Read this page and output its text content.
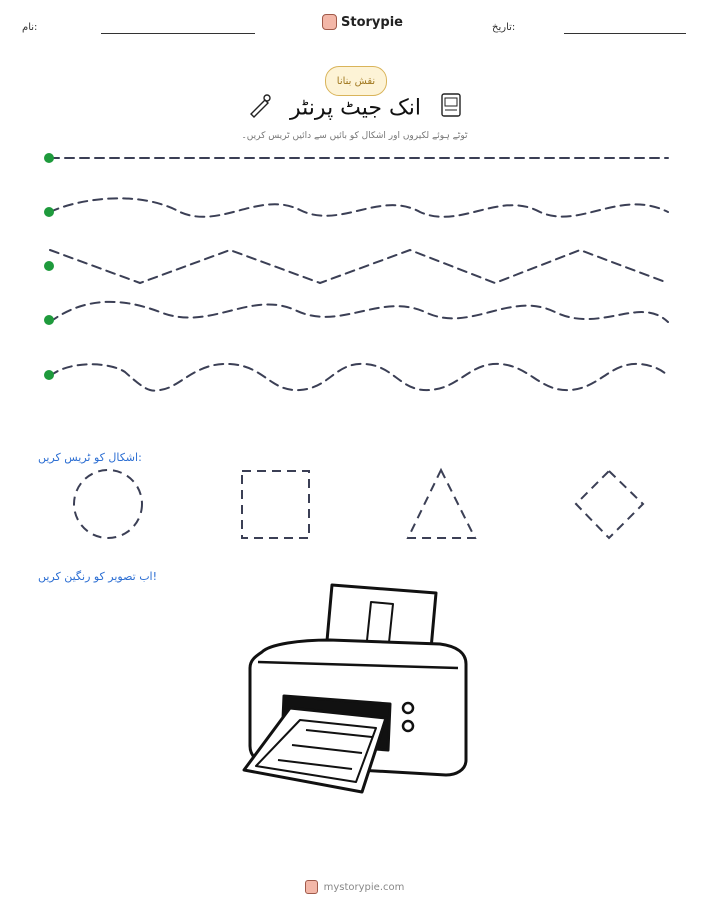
نام:	Storypie	تاریخ:
نقش بنانا
انک جیٹ پرنٹر
ٹوٹے ہوئے لکیروں اور اشکال کو بائیں سے دائیں ٹریس کریں۔
اشکال کو ٹریس کریں:
اب تصویر کو رنگین کریں!
mystorypie.com
